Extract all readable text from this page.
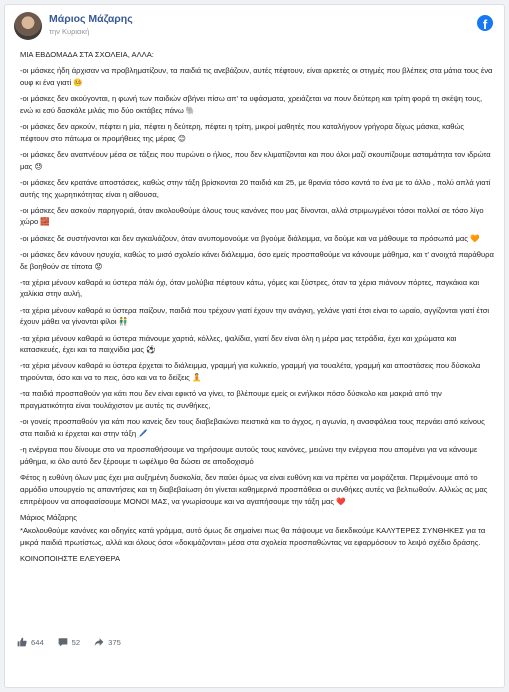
Μάριος Μάζαρης
την Κυριακή	f

ΜΙΑ ΕΒΔΟΜΑΔΑ ΣΤΑ ΣΧΟΛΕΙΑ, ΑΛΛΑ:

-οι μάσκες ήδη άρχισαν να προβληματίζουν, τα παιδιά τις ανεβάζουν, αυτές πέφτουν, είναι αρκετές οι στιγμές που βλέπεις στα μάτια τους ένα ουφ κι ένα γιατί 🤒

-οι μάσκες δεν ακούγονται, η φωνή των παιδιών σβήνει πίσω απ' τα υφάσματα, χρειάζεται να πουν δεύτερη και τρίτη φορά τη σκέψη τους, ενώ κι εσύ δασκάλε μιλάς πιο δύο οκτάβες πάνω 🐘

-οι μάσκες δεν αρκούν, πέφτει η μία, πέφτει η δεύτερη, πέφτει η τρίτη, μικροί μαθητές που καταλήγουν γρήγορα δίχως μάσκα, καθώς πέφτουν στο πάτωμα οι προμήθειες της μέρας 😊

-οι μάσκες δεν αναπνέουν μέσα σε τάξεις που πυρώνει ο ήλιος, που δεν κλιματίζονται και που όλοι μαζί σκουπίζουμε ασταμάτητα τον ιδρώτα μας 😓

-οι μάσκες δεν κρατάνε αποστάσεις, καθώς στην τάξη βρίσκονται 20 παιδιά και 25, με θρανία τόσο κοντά το ένα με το άλλο , πολύ απλά γιατί αυτής της χωρητικότητας είναι η αίθουσα,

-οι μάσκες δεν ασκούν παρηγοριά, όταν ακολουθούμε όλους τους κανόνες που μας δίνονται, αλλά στριμωγμένοι τόσοι πολλοί σε τόσο λίγο χώρο 🧱

-οι μάσκες δε συστήνονται και δεν αγκαλιάζουν, όταν ανυπομονούμε να βγούμε διάλειμμα, να δούμε και να μάθουμε τα πρόσωπά μας 🧡

-οι μάσκες δεν κάνουν ησυχία, καθώς το μισό σχολείο κάνει διάλειμμα, όσο εμείς προσπαθούμε να κάνουμε μάθημα, και τ' ανοιχτά παράθυρα δε βοηθούν σε τίποτα 😟

-τα χέρια μένουν καθαρά κι ύστερα πάλι όχι, όταν μολύβια πέφτουν κάτω, γόμες και ξύστρες, όταν τα χέρια πιάνουν πόρτες, παγκάκια και χαλίκια στην αυλή,

-τα χέρια μένουν καθαρά κι ύστερα παίζουν, παιδιά που τρέχουν γιατί έχουν την ανάγκη, γελάνε γιατί έτσι είναι το ωραίο, αγγίζονται γιατί έτσι έχουν μάθει να γίνονται φίλοι 👬

-τα χέρια μένουν καθαρά κι ύστερα πιάνουμε χαρτιά, κόλλες, ψαλίδια, γιατί δεν είναι όλη η μέρα μας τετράδια, έχει και χρώματα και κατασκευές, έχει και τα παιχνίδια μας ⚽

-τα χέρια μένουν καθαρά κι ύστερα έρχεται το διάλειμμα, γραμμή για κυλικείο, γραμμή για τουαλέτα, γραμμή και αποστάσεις που δύσκολα τηρούνται, όσο και να το πεις, όσο και να το δείξεις 🧘

-τα παιδιά προσπαθούν για κάτι που δεν είναι εφικτό να γίνει, το βλέπουμε εμείς οι ενήλικοι πόσο δύσκολο και μακριά από την πραγματικότητα είναι τουλάχιστον με αυτές τις συνθήκες,

-οι γονείς προσπαθούν για κάτι που κανείς δεν τους διαβεβαιώνει πειστικά και το άγχος, η αγωνία, η ανασφάλεια τους περνάει από κείνους στα παιδιά κι έρχεται και στην τάξη 🖊️

-η ενέργεια που δίνουμε στο να προσπαθήσουμε να τηρήσουμε αυτούς τους κανόνες, μειώνει την ενέργεια που απομένει για να κάνουμε μάθημα, κι όλο αυτό δεν ξέρουμε τι ωφέλιμο θα δώσει σε αποδοχισμό

Φέτος η ευθύνη όλων μας έχει μια αυξημένη δυσκολία, δεν παύει όμως να είναι ευθύνη και να πρέπει να μοιράζεται. Περιμένουμε από το αρμόδιο υπουργείο τις απαντήσεις και τη διαβεβαίωση ότι γίνεται καθημερινά προσπάθεια οι συνθήκες αυτές να βελτιωθούν. Αλλιώς ας μας επιτρέψουν να αποφασίσουμε ΜΟΝΟΙ ΜΑΣ, να γνωρίσουμε και να αγαπήσουμε την τάξη μας ❤️

Μάριος Μάζαρης

*Ακολουθούμε κανόνες και οδηγίες κατά γράμμα, αυτό όμως δε σημαίνει πως θα πάψουμε να διεκδικούμε ΚΑΛΥΤΕΡΕΣ ΣΥΝΘΗΚΕΣ για τα μικρά παιδιά πρωτίστως, αλλά και όλους όσοι «δοκιμάζονται» μέσα στα σχολεία προσπαθώντας να εφαρμόσουν το λειψό σχέδιο δράσης.

ΚΟΙΝΟΠΟΙΗΣΤΕ ΕΛΕΥΘΕΡΑ

644	52	375
